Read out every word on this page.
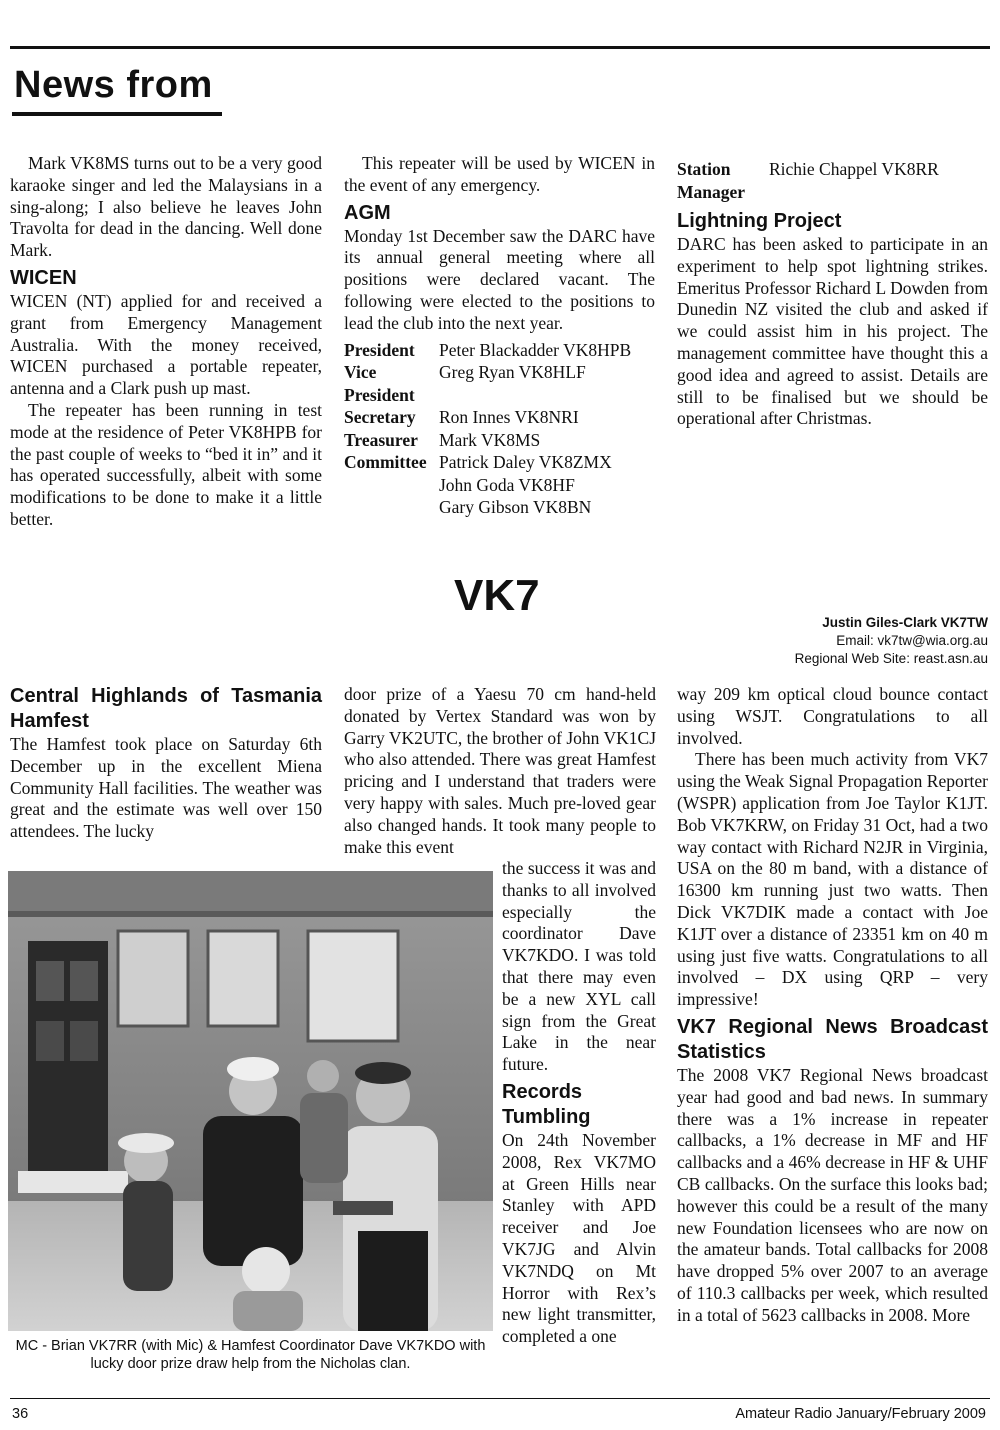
News from

Mark VK8MS turns out to be a very good karaoke singer and led the Malaysians in a sing-along; I also believe he leaves John Travolta for dead in the dancing. Well done Mark.

WICEN

WICEN (NT) applied for and received a grant from Emergency Management Australia. With the money received, WICEN purchased a portable repeater, antenna and a Clark push up mast.

The repeater has been running in test mode at the residence of Peter VK8HPB for the past couple of weeks to “bed it in” and it has operated successfully, albeit with some modifications to be done to make it a little better.

This repeater will be used by WICEN in the event of any emergency.

AGM

Monday 1st December saw the DARC have its annual general meeting where all positions were declared vacant. The following were elected to the positions to lead the club into the next year.

President	Peter Blackadder VK8HPB
Vice President	Greg Ryan VK8HLF
Secretary	Ron Innes VK8NRI
Treasurer	Mark VK8MS
Committee	Patrick Daley VK8ZMX
	John Goda VK8HF
	Gary Gibson VK8BN
Station Manager	Richie Chappel VK8RR
Lightning Project

DARC has been asked to participate in an experiment to help spot lightning strikes. Emeritus Professor Richard L Dowden from Dunedin NZ visited the club and asked if we could assist him in his project. The management committee have thought this a good idea and agreed to assist. Details are still to be finalised but we should be operational after Christmas.

VK7
Justin Giles-Clark VK7TW
Email: vk7tw@wia.org.au
Regional Web Site: reast.asn.au
Central Highlands of Tasmania Hamfest

The Hamfest took place on Saturday 6th December up in the excellent Miena Community Hall facilities. The weather was great and the estimate was well over 150 attendees. The lucky

door prize of a Yaesu 70 cm hand-held donated by Vertex Standard was won by Garry VK2UTC, the brother of John VK1CJ who also attended. There was great Hamfest pricing and I understand that traders were very happy with sales. Much pre-loved gear also changed hands. It took many people to make this event

the success it was and thanks to all involved especially the coordinator Dave VK7KDO. I was told that there may even be a new XYL call sign from the Great Lake in the near future.

Records Tumbling

On 24th November 2008, Rex VK7MO at Green Hills near Stanley with APD receiver and Joe VK7JG and Alvin VK7NDQ on Mt Horror with Rex’s new light transmitter, completed a one

way 209 km optical cloud bounce contact using WSJT. Congratulations to all involved.

There has been much activity from VK7 using the Weak Signal Propagation Reporter (WSPR) application from Joe Taylor K1JT. Bob VK7KRW, on Friday 31 Oct, had a two way contact with Richard N2JR in Virginia, USA on the 80 m band, with a distance of 16300 km running just two watts. Then Dick VK7DIK made a contact with Joe K1JT over a distance of 23351 km on 40 m using just five watts. Congratulations to all involved – DX using QRP – very impressive!

VK7 Regional News Broadcast Statistics

The 2008 VK7 Regional News broadcast year had good and bad news. In summary there was a 1% increase in repeater callbacks, a 1% decrease in MF and HF callbacks and a 46% decrease in HF & UHF CB callbacks. On the surface this looks bad; however this could be a result of the many new Foundation licensees who are now on the amateur bands. Total callbacks for 2008 have dropped 5% over 2007 to an average of 110.3 callbacks per week, which resulted in a total of 5623 callbacks in 2008. More

MC - Brian VK7RR (with Mic) & Hamfest Coordinator Dave VK7KDO with lucky door prize draw help from the Nicholas clan.
36	Amateur Radio January/February 2009
